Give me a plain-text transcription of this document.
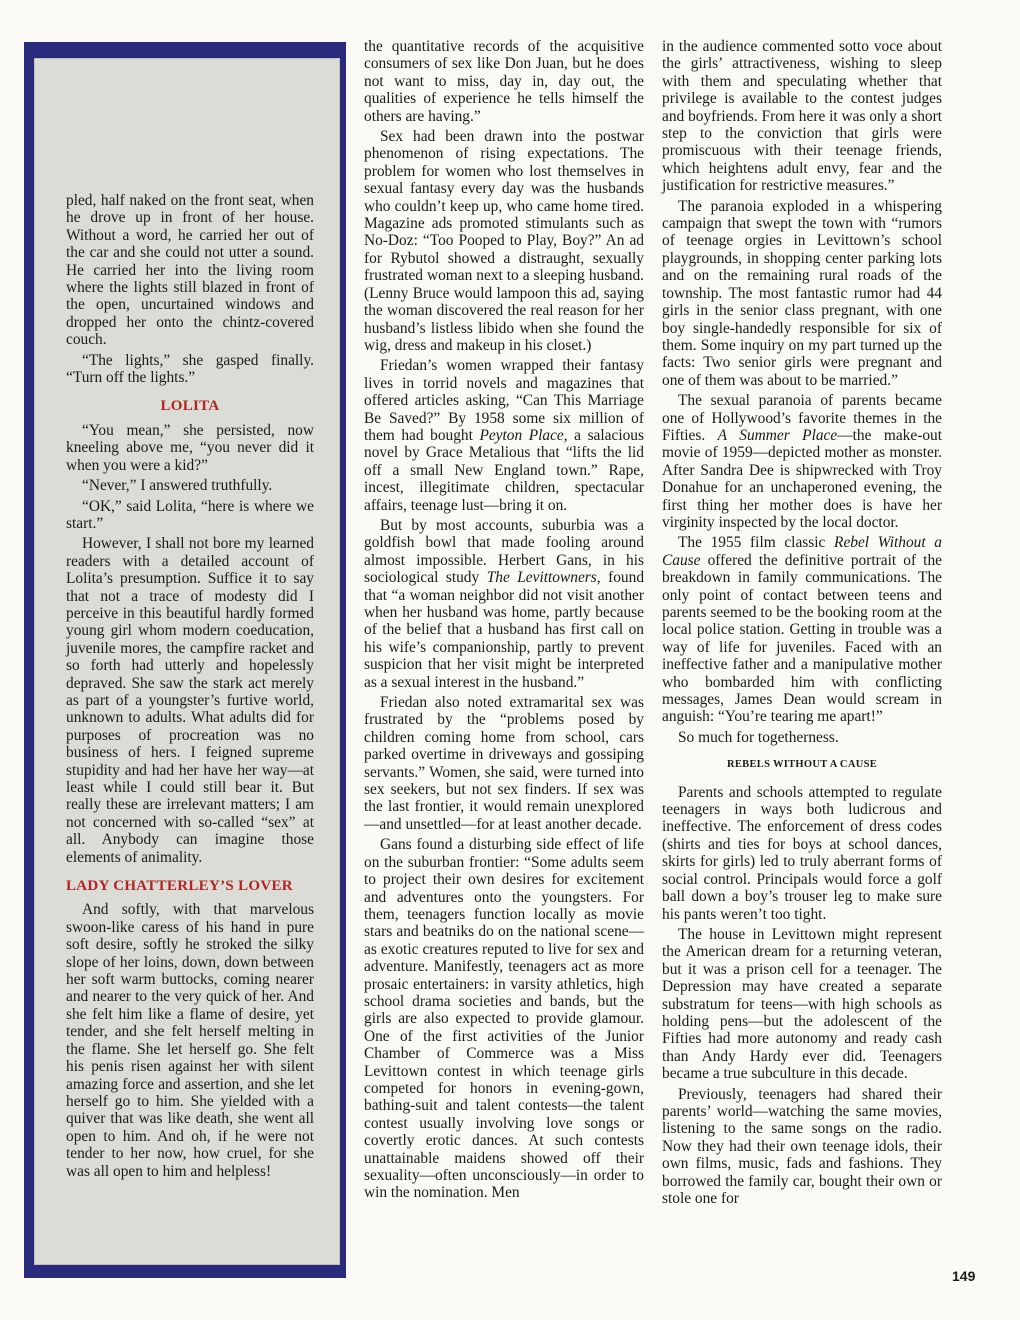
pled, half naked on the front seat, when he drove up in front of her house. Without a word, he carried her out of the car and she could not utter a sound. He carried her into the living room where the lights still blazed in front of the open, uncurtained windows and dropped her onto the chintz-covered couch.

“The lights,” she gasped finally. “Turn off the lights.”

LOLITA

“You mean,” she persisted, now kneeling above me, “you never did it when you were a kid?”

“Never,” I answered truthfully.

“OK,” said Lolita, “here is where we start.”

However, I shall not bore my learned readers with a detailed account of Lolita’s presumption. Suffice it to say that not a trace of modesty did I perceive in this beautiful hardly formed young girl whom modern coeducation, juvenile mores, the campfire racket and so forth had utterly and hopelessly depraved. She saw the stark act merely as part of a youngster’s furtive world, unknown to adults. What adults did for purposes of procreation was no business of hers. I feigned supreme stupidity and had her have her way—at least while I could still bear it. But really these are irrelevant matters; I am not concerned with so-called “sex” at all. Anybody can imagine those elements of animality.

LADY CHATTERLEY’S LOVER

And softly, with that marvelous swoon-like caress of his hand in pure soft desire, softly he stroked the silky slope of her loins, down, down between her soft warm buttocks, coming nearer and nearer to the very quick of her. And she felt him like a flame of desire, yet tender, and she felt herself melting in the flame. She let herself go. She felt his penis risen against her with silent amazing force and assertion, and she let herself go to him. She yielded with a quiver that was like death, she went all open to him. And oh, if he were not tender to her now, how cruel, for she was all open to him and helpless!

the quantitative records of the acquisitive consumers of sex like Don Juan, but he does not want to miss, day in, day out, the qualities of experience he tells himself the others are having.”

Sex had been drawn into the postwar phenomenon of rising expectations. The problem for women who lost themselves in sexual fantasy every day was the husbands who couldn’t keep up, who came home tired. Magazine ads promoted stimulants such as No-Doz: “Too Pooped to Play, Boy?” An ad for Rybutol showed a distraught, sexually frustrated woman next to a sleeping husband. (Lenny Bruce would lampoon this ad, saying the woman discovered the real reason for her husband’s listless libido when she found the wig, dress and makeup in his closet.)

Friedan’s women wrapped their fantasy lives in torrid novels and magazines that offered articles asking, “Can This Marriage Be Saved?” By 1958 some six million of them had bought Peyton Place, a salacious novel by Grace Metalious that “lifts the lid off a small New England town.” Rape, incest, illegitimate children, spectacular affairs, teenage lust—bring it on.

But by most accounts, suburbia was a goldfish bowl that made fooling around almost impossible. Herbert Gans, in his sociological study The Levittowners, found that “a woman neighbor did not visit another when her husband was home, partly because of the belief that a husband has first call on his wife’s companionship, partly to prevent suspicion that her visit might be interpreted as a sexual interest in the husband.”

Friedan also noted extramarital sex was frustrated by the “problems posed by children coming home from school, cars parked overtime in driveways and gossiping servants.” Women, she said, were turned into sex seekers, but not sex finders. If sex was the last frontier, it would remain unexplored—and unsettled—for at least another decade.

Gans found a disturbing side effect of life on the suburban frontier: “Some adults seem to project their own desires for excitement and adventures onto the youngsters. For them, teenagers function locally as movie stars and beatniks do on the national scene—as exotic creatures reputed to live for sex and adventure. Manifestly, teenagers act as more prosaic entertainers: in varsity athletics, high school drama societies and bands, but the girls are also expected to provide glamour. One of the first activities of the Junior Chamber of Commerce was a Miss Levittown contest in which teenage girls competed for honors in evening-gown, bathing-suit and talent contests—the talent contest usually involving love songs or covertly erotic dances. At such contests unattainable maidens showed off their sexuality—often unconsciously—in order to win the nomination. Men

in the audience commented sotto voce about the girls’ attractiveness, wishing to sleep with them and speculating whether that privilege is available to the contest judges and boyfriends. From here it was only a short step to the conviction that girls were promiscuous with their teenage friends, which heightens adult envy, fear and the justification for restrictive measures.”

The paranoia exploded in a whispering campaign that swept the town with “rumors of teenage orgies in Levittown’s school playgrounds, in shopping center parking lots and on the remaining rural roads of the township. The most fantastic rumor had 44 girls in the senior class pregnant, with one boy single-handedly responsible for six of them. Some inquiry on my part turned up the facts: Two senior girls were pregnant and one of them was about to be married.”

The sexual paranoia of parents became one of Hollywood’s favorite themes in the Fifties. A Summer Place—the make-out movie of 1959—depicted mother as monster. After Sandra Dee is shipwrecked with Troy Donahue for an unchaperoned evening, the first thing her mother does is have her virginity inspected by the local doctor.

The 1955 film classic Rebel Without a Cause offered the definitive portrait of the breakdown in family communications. The only point of contact between teens and parents seemed to be the booking room at the local police station. Getting in trouble was a way of life for juveniles. Faced with an ineffective father and a manipulative mother who bombarded him with conflicting messages, James Dean would scream in anguish: “You’re tearing me apart!”

So much for togetherness.

REBELS WITHOUT A CAUSE

Parents and schools attempted to regulate teenagers in ways both ludicrous and ineffective. The enforcement of dress codes (shirts and ties for boys at school dances, skirts for girls) led to truly aberrant forms of social control. Principals would force a golf ball down a boy’s trouser leg to make sure his pants weren’t too tight.

The house in Levittown might represent the American dream for a returning veteran, but it was a prison cell for a teenager. The Depression may have created a separate substratum for teens—with high schools as holding pens—but the adolescent of the Fifties had more autonomy and ready cash than Andy Hardy ever did. Teenagers became a true subculture in this decade.

Previously, teenagers had shared their parents’ world—watching the same movies, listening to the same songs on the radio. Now they had their own teenage idols, their own films, music, fads and fashions. They borrowed the family car, bought their own or stole one for

149
